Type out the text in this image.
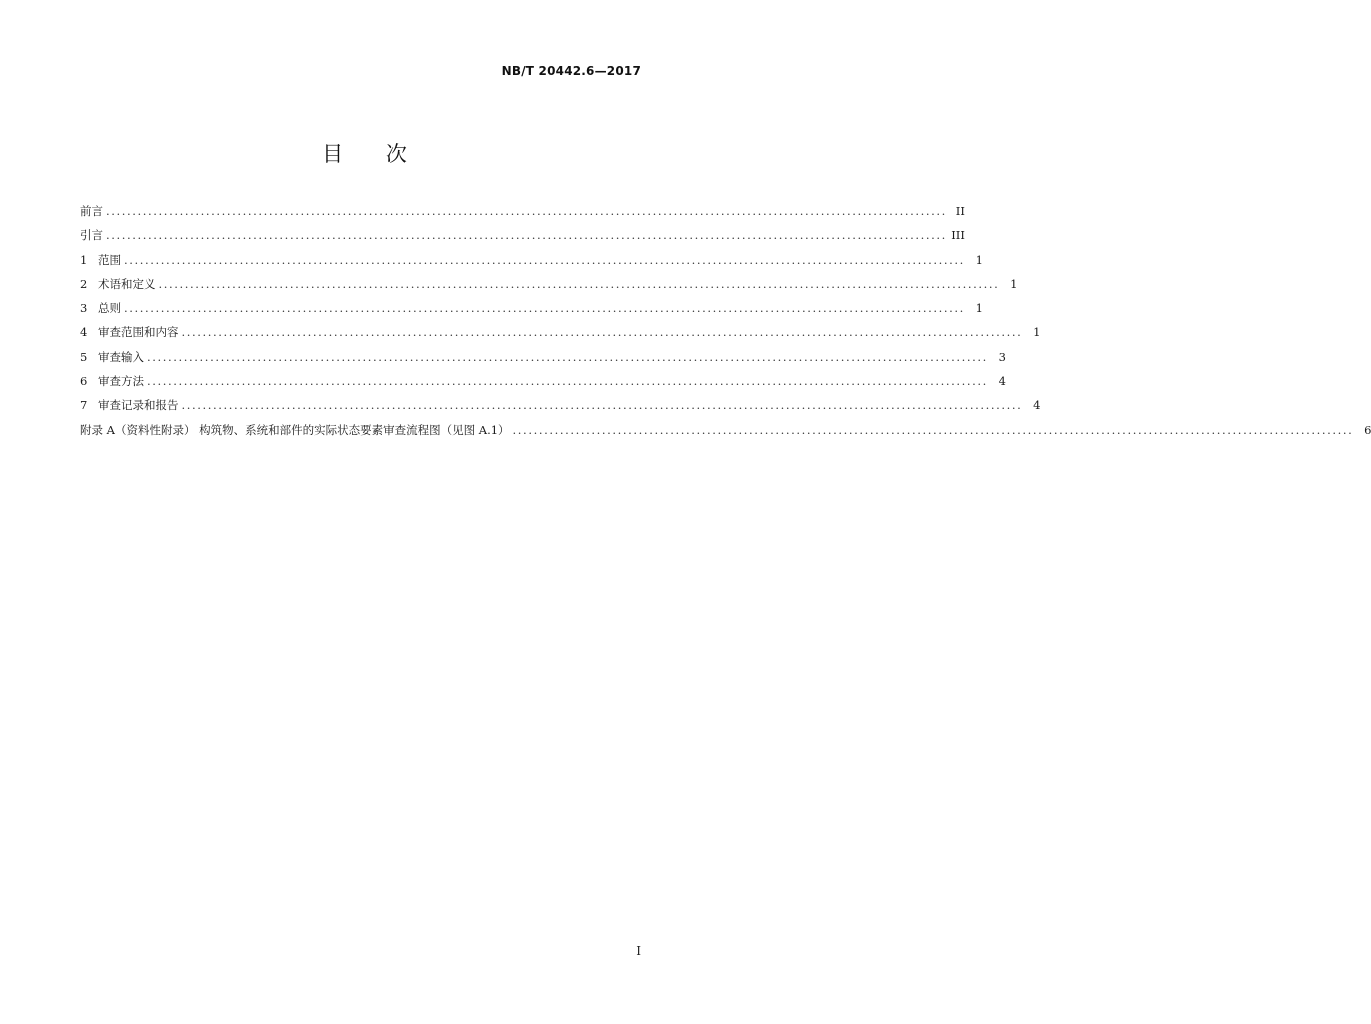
NB/T 20442.6—2017
目 次
前言 ................................................................................................................................................................ II
引言 ................................................................................................................................................................ III
1 范围 ................................................................................................................................................................ 1
2 术语和定义 ................................................................................................................................................................ 1
3 总则 ................................................................................................................................................................ 1
4 审查范围和内容 ................................................................................................................................................................ 1
5 审查输入 ................................................................................................................................................................ 3
6 审查方法 ................................................................................................................................................................ 4
7 审查记录和报告 ................................................................................................................................................................ 4
附录 A（资料性附录） 构筑物、系统和部件的实际状态要素审查流程图（见图 A.1） ................................................................................................................................................................ 6
I
